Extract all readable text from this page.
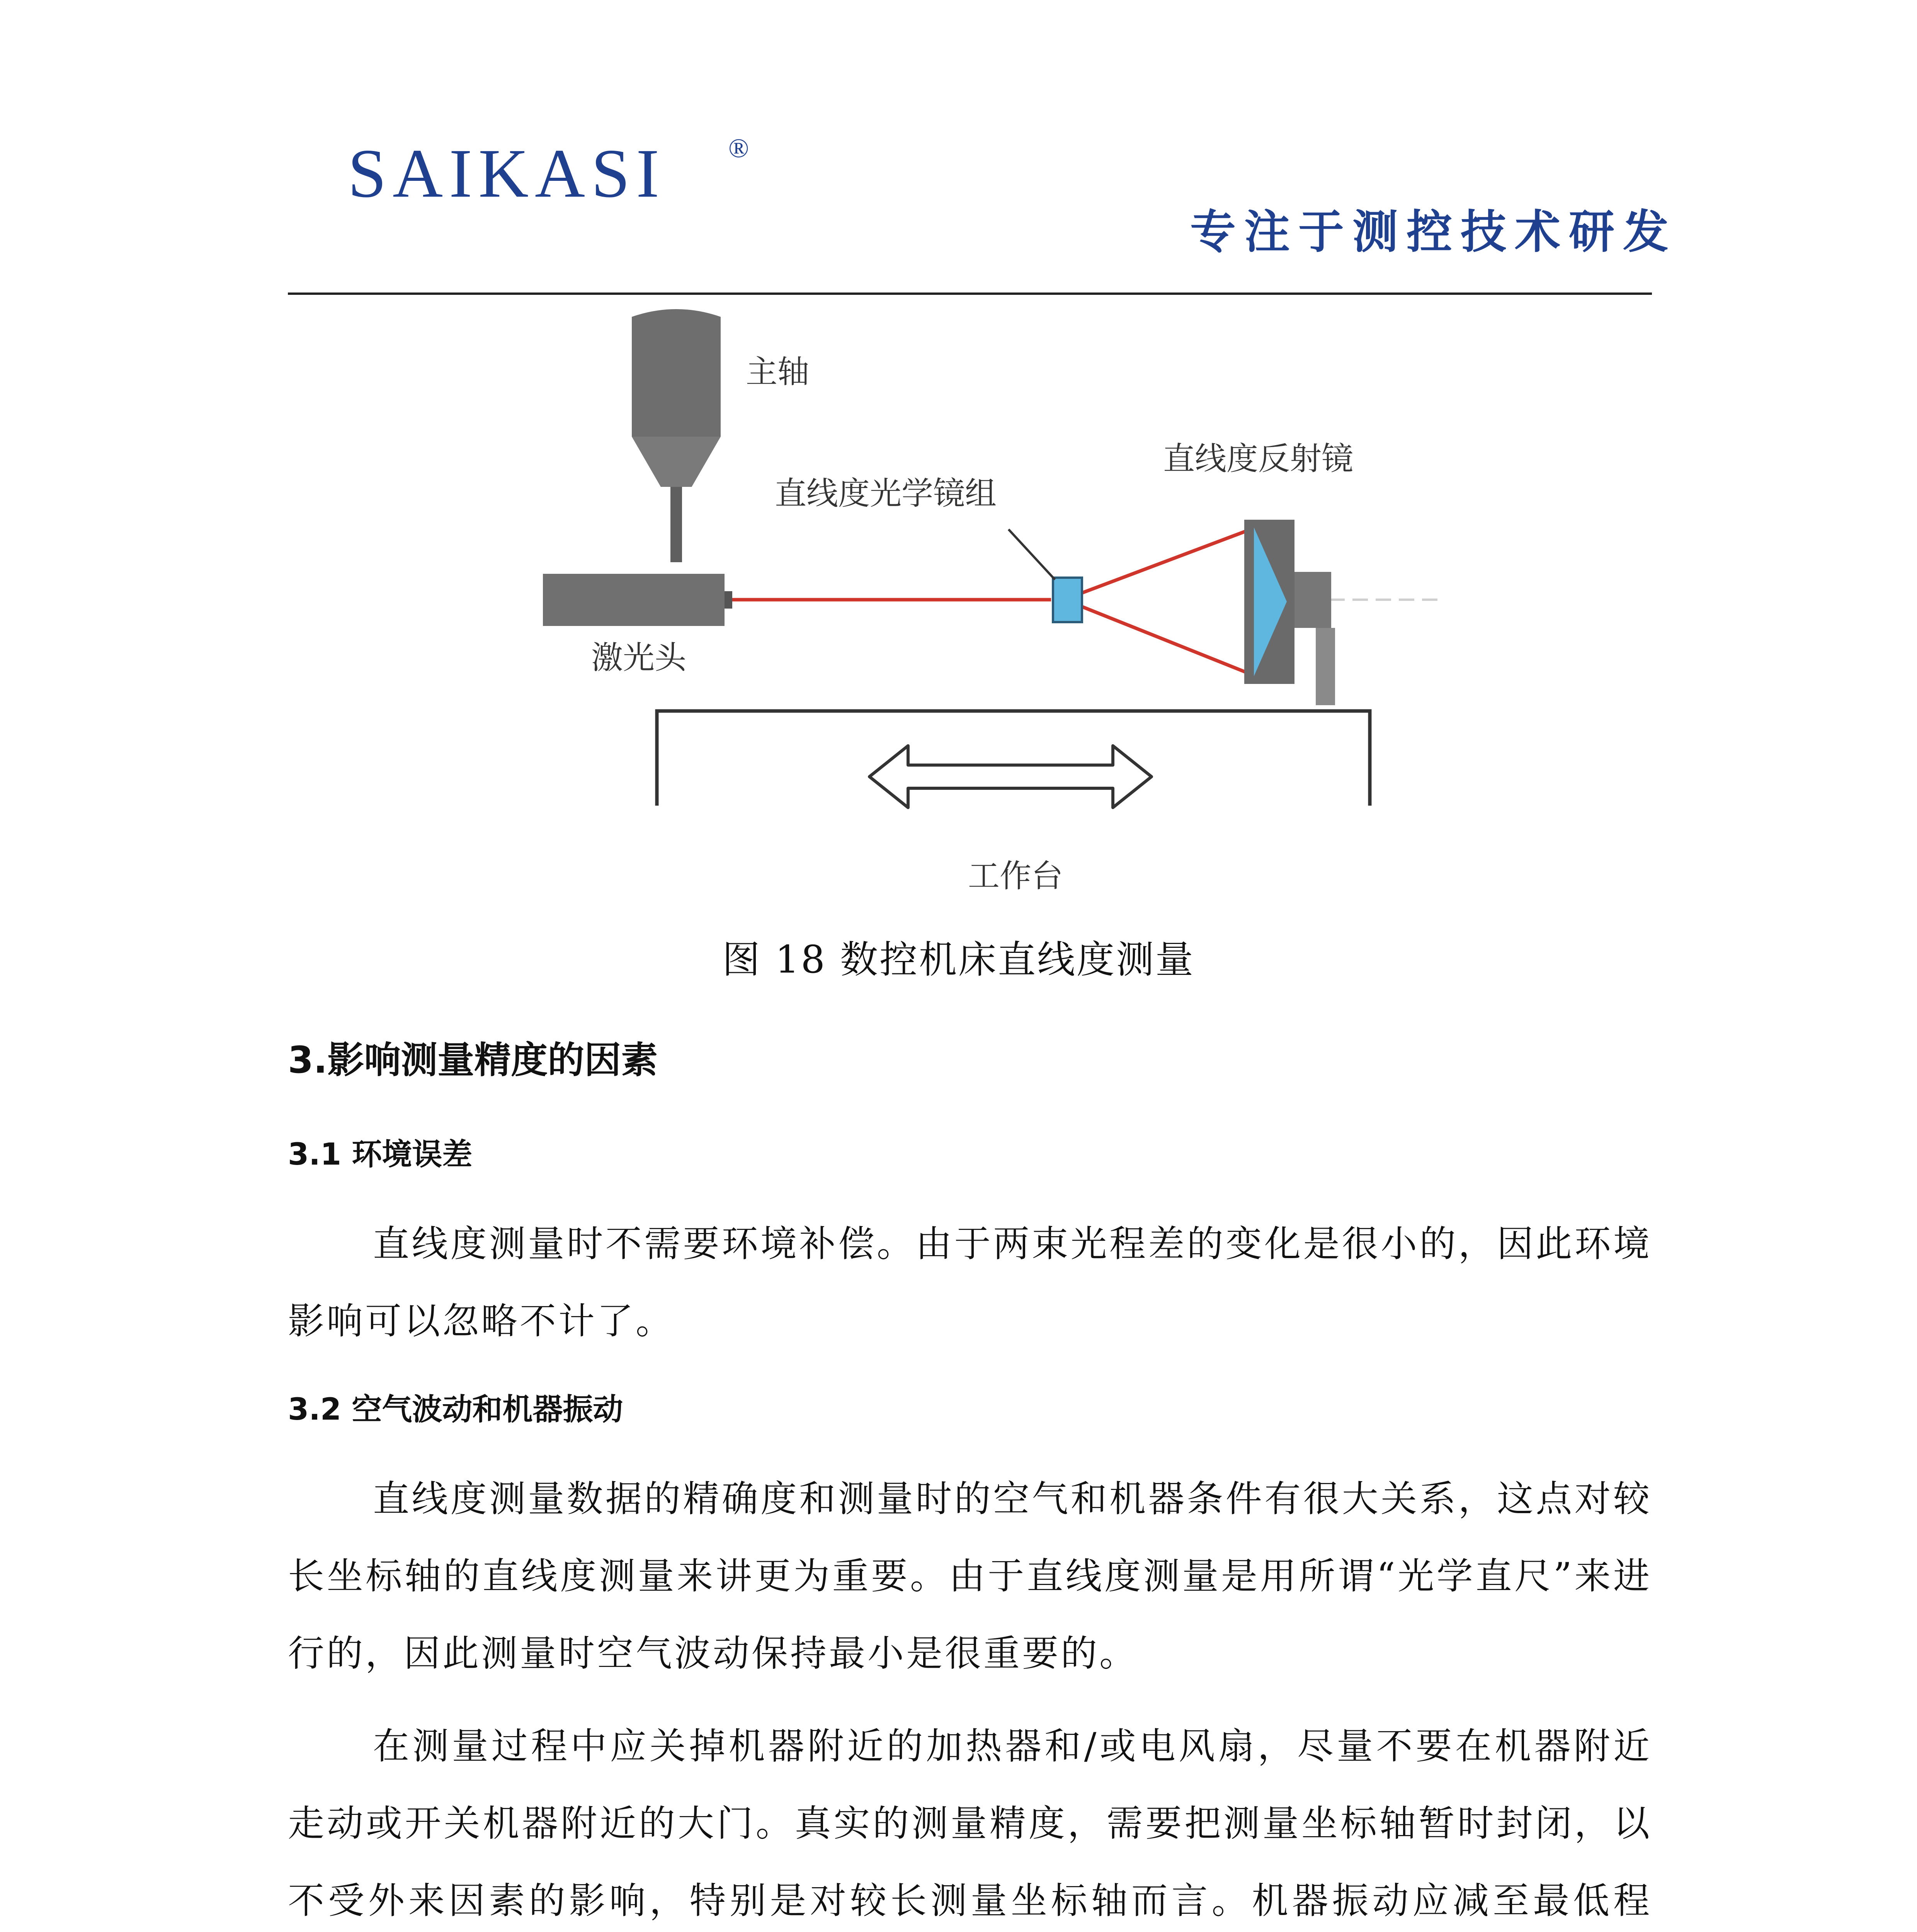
SAIKASI ®
专注于测控技术研发
主轴
直线度反射镜
直线度光学镜组
激光头
工作台
图 18 数控机床直线度测量
3.影响测量精度的因素
3.1 环境误差
直线度测量时不需要环境补偿。由于两束光程差的变化是很小的，因此环境影响可以忽略不计了。
3.2 空气波动和机器振动
直线度测量数据的精确度和测量时的空气和机器条件有很大关系，这点对较长坐标轴的直线度测量来讲更为重要。由于直线度测量是用所谓“光学直尺”来进行的，因此测量时空气波动保持最小是很重要的。
在测量过程中应关掉机器附近的加热器和/或电风扇，尽量不要在机器附近走动或开关机器附近的大门。真实的测量精度，需要把测量坐标轴暂时封闭，以不受外来因素的影响，特别是对较长测量坐标轴而言。机器振动应减至最低程
